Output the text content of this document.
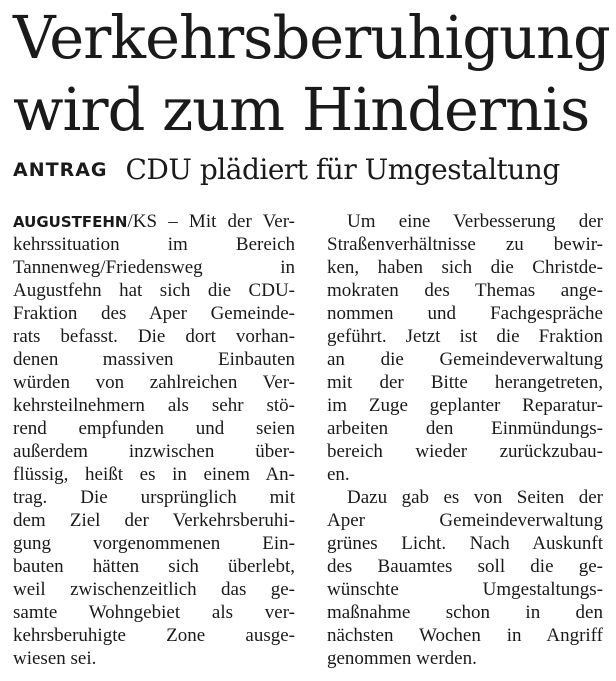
Verkehrsberuhigung
wird zum Hindernis
ANTRAG CDU plädiert für Umgestaltung
AUGUSTFEHN/KS – Mit der Ver-
kehrssituation im Bereich
Tannenweg/Friedensweg in
Augustfehn hat sich die CDU-
Fraktion des Aper Gemeinde-
rats befasst. Die dort vorhan-
denen massiven Einbauten
würden von zahlreichen Ver-
kehrsteilnehmern als sehr stö-
rend empfunden und seien
außerdem inzwischen über-
flüssig, heißt es in einem An-
trag. Die ursprünglich mit
dem Ziel der Verkehrsberuhi-
gung vorgenommenen Ein-
bauten hätten sich überlebt,
weil zwischenzeitlich das ge-
samte Wohngebiet als ver-
kehrsberuhigte Zone ausge-
wiesen sei.
Um eine Verbesserung der
Straßenverhältnisse zu bewir-
ken, haben sich die Christde-
mokraten des Themas ange-
nommen und Fachgespräche
geführt. Jetzt ist die Fraktion
an die Gemeindeverwaltung
mit der Bitte herangetreten,
im Zuge geplanter Reparatur-
arbeiten den Einmündungs-
bereich wieder zurückzubau-
en.
Dazu gab es von Seiten der
Aper Gemeindeverwaltung
grünes Licht. Nach Auskunft
des Bauamtes soll die ge-
wünschte Umgestaltungs-
maßnahme schon in den
nächsten Wochen in Angriff
genommen werden.
